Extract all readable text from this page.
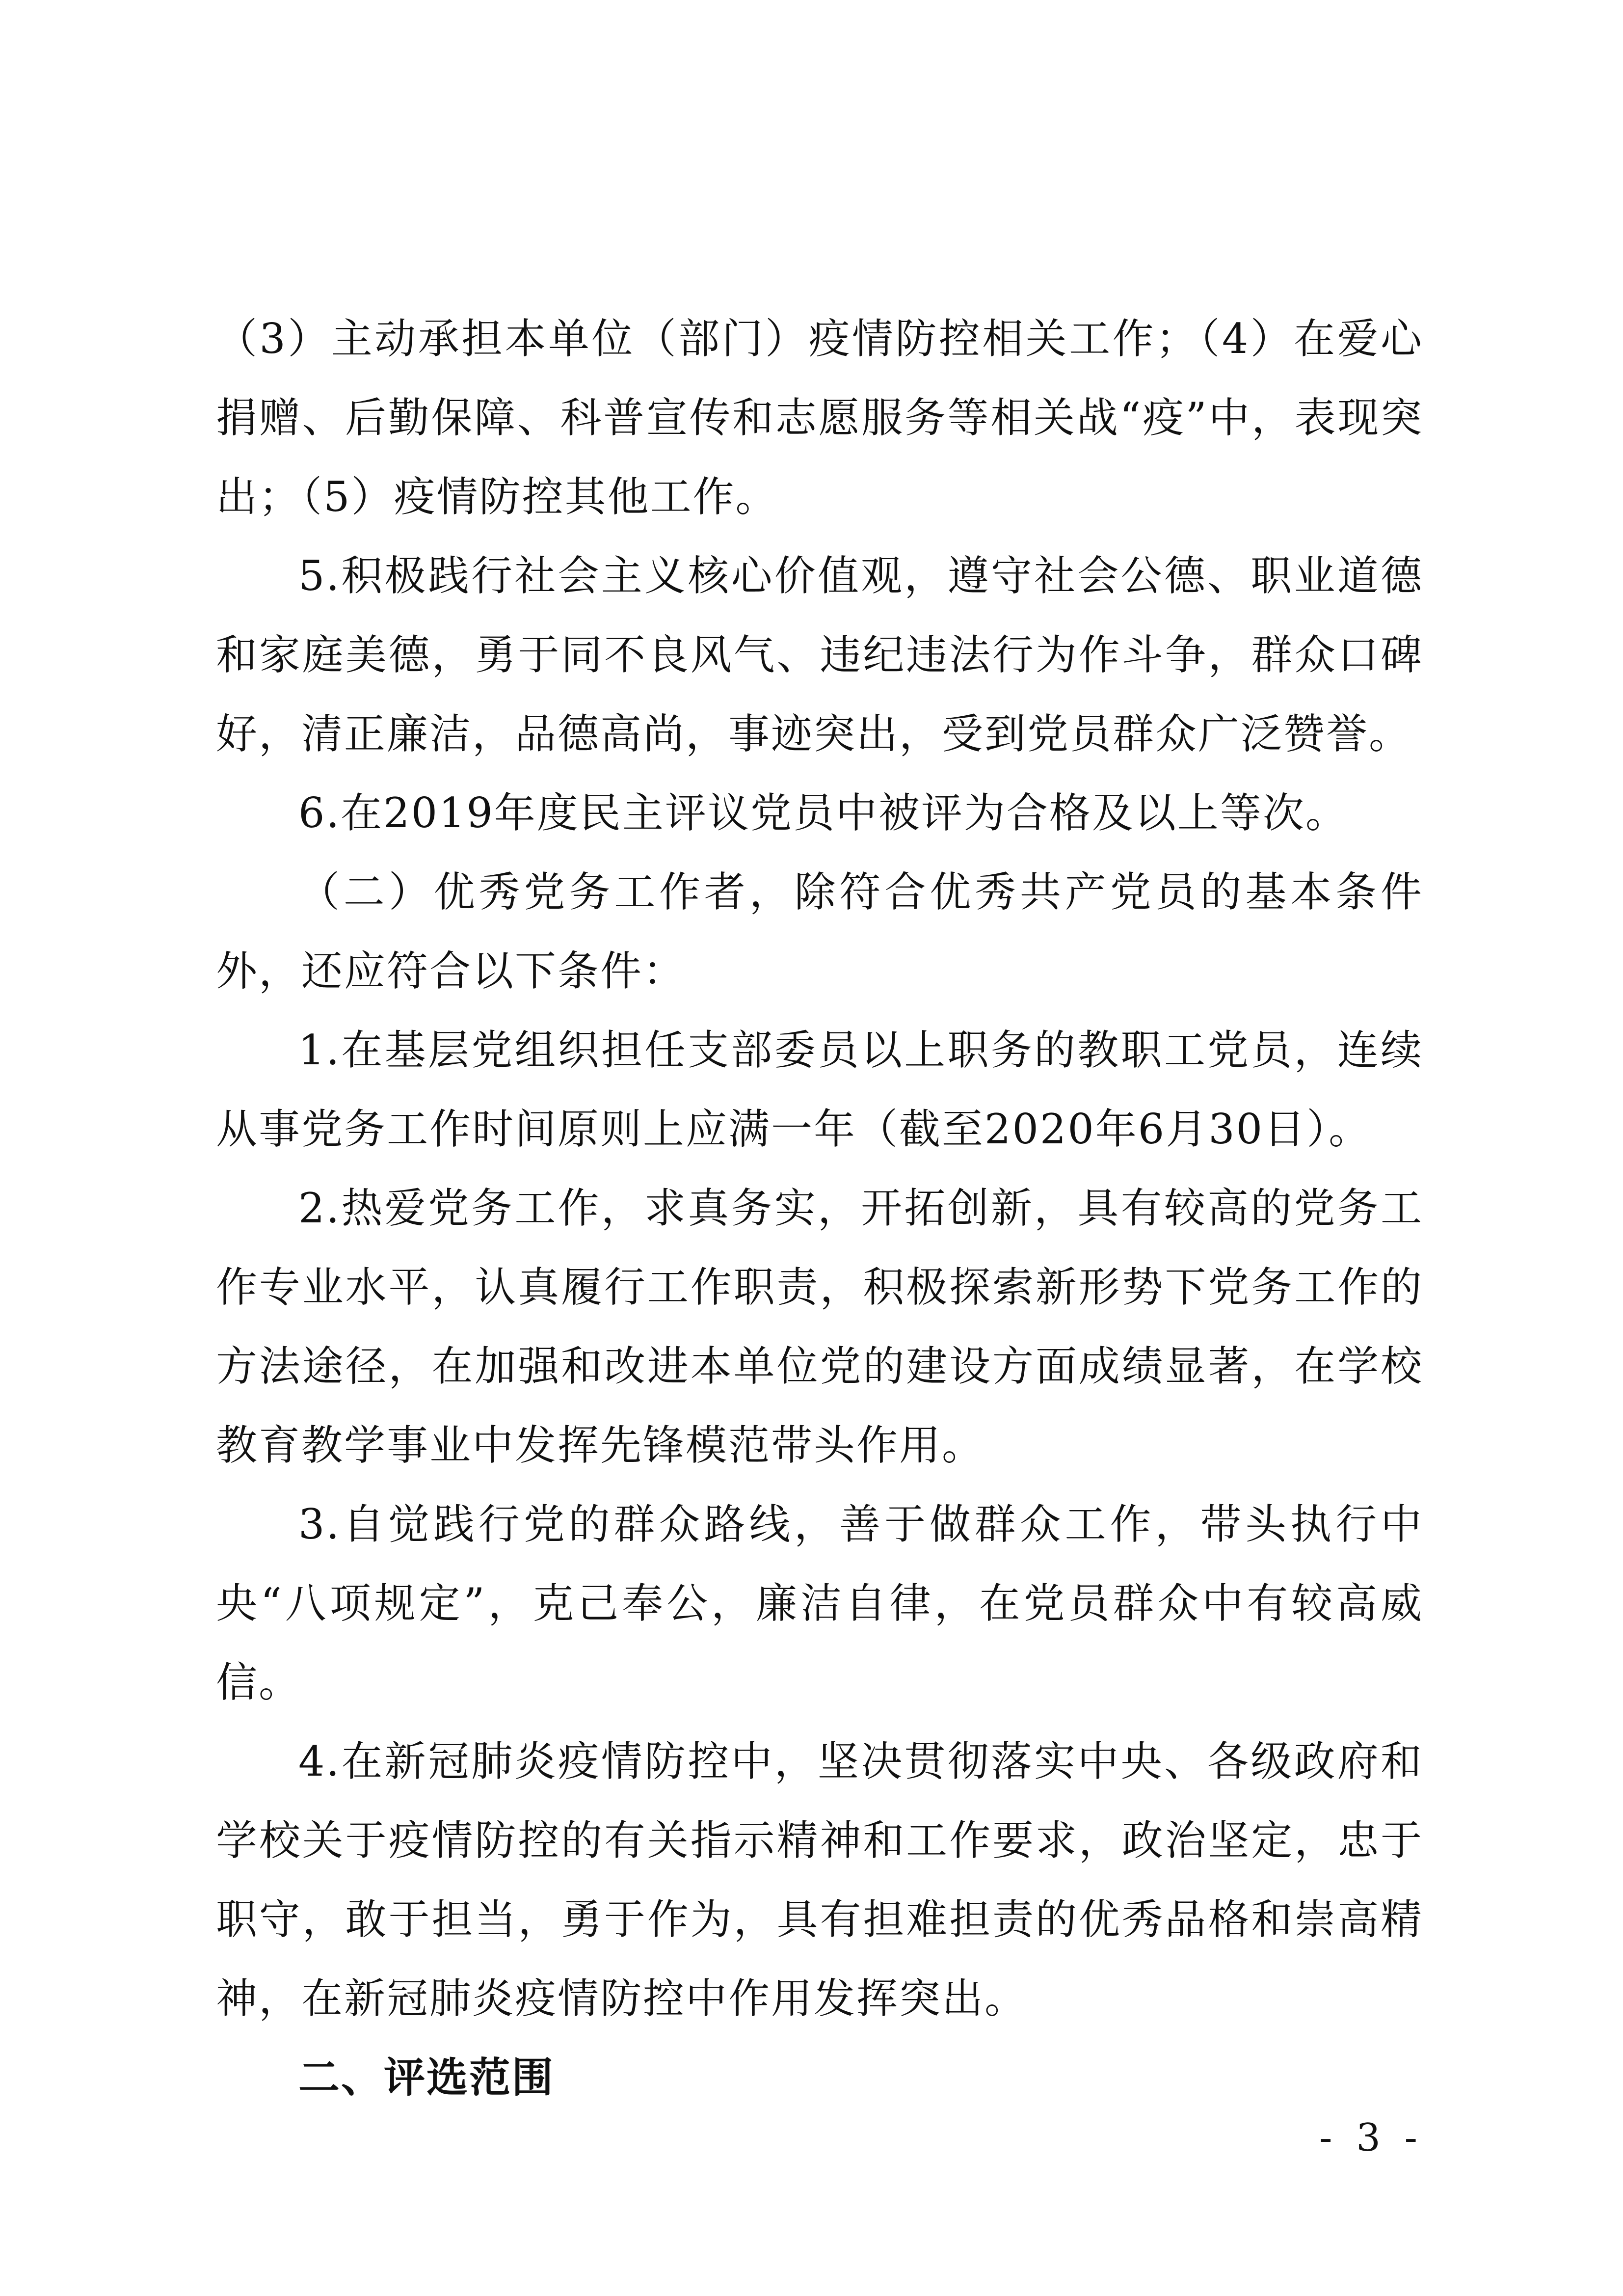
（3）主动承担本单位（部门）疫情防控相关工作；（4）在爱心捐赠、后勤保障、科普宣传和志愿服务等相关战“疫”中，表现突出；（5）疫情防控其他工作。

5.积极践行社会主义核心价值观，遵守社会公德、职业道德和家庭美德，勇于同不良风气、违纪违法行为作斗争，群众口碑好，清正廉洁，品德高尚，事迹突出，受到党员群众广泛赞誉。

6.在2019年度民主评议党员中被评为合格及以上等次。

（二）优秀党务工作者，除符合优秀共产党员的基本条件外，还应符合以下条件：

1.在基层党组织担任支部委员以上职务的教职工党员，连续从事党务工作时间原则上应满一年（截至2020年6月30日）。

2.热爱党务工作，求真务实，开拓创新，具有较高的党务工作专业水平，认真履行工作职责，积极探索新形势下党务工作的方法途径，在加强和改进本单位党的建设方面成绩显著，在学校教育教学事业中发挥先锋模范带头作用。

3.自觉践行党的群众路线，善于做群众工作，带头执行中央“八项规定”，克己奉公，廉洁自律，在党员群众中有较高威信。

4.在新冠肺炎疫情防控中，坚决贯彻落实中央、各级政府和学校关于疫情防控的有关指示精神和工作要求，政治坚定，忠于职守，敢于担当，勇于作为，具有担难担责的优秀品格和崇高精神，在新冠肺炎疫情防控中作用发挥突出。

二、评选范围

- 3 -
